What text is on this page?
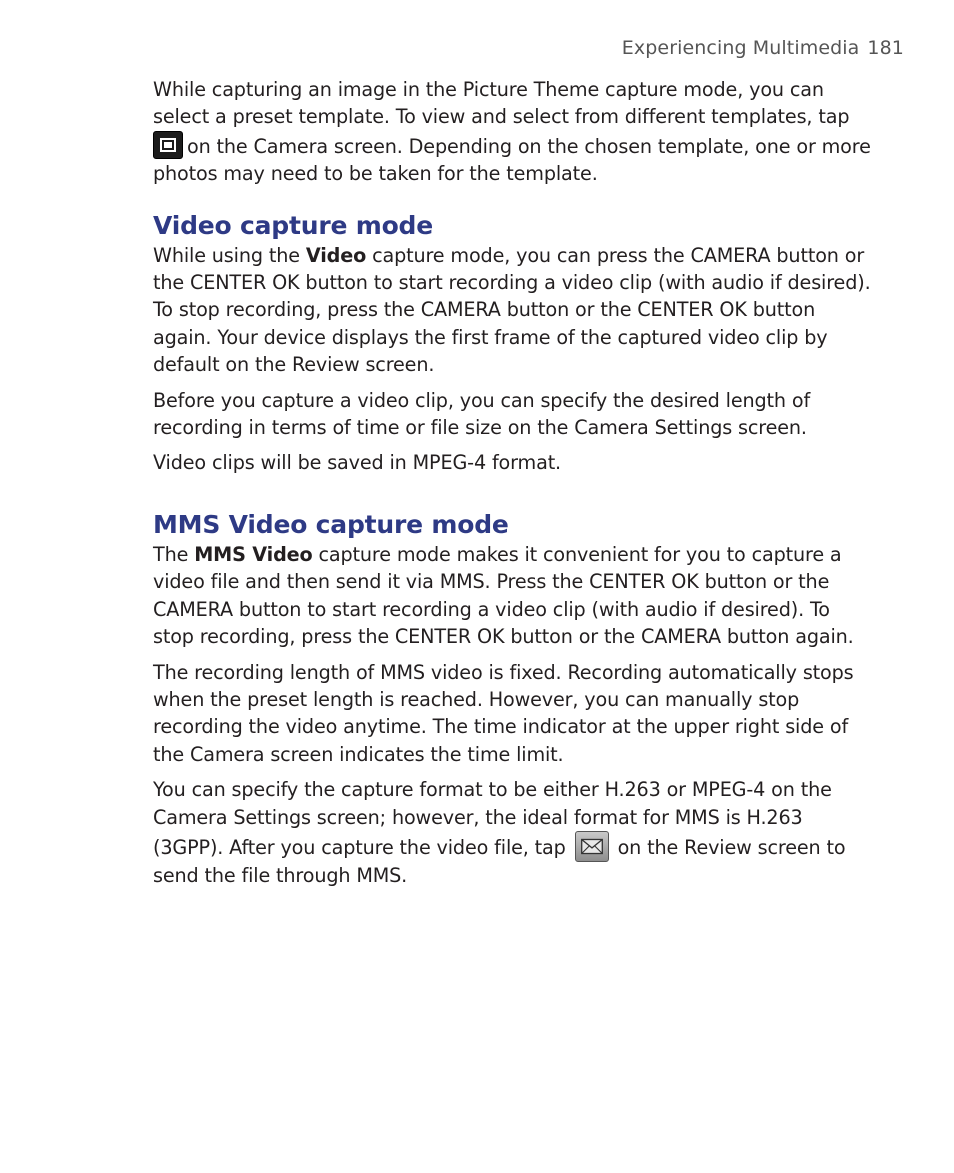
Experiencing Multimedia 181

While capturing an image in the Picture Theme capture mode, you can select a preset template. To view and select from different templates, tap on the Camera screen. Depending on the chosen template, one or more photos may need to be taken for the template.

Video capture mode

While using the Video capture mode, you can press the CAMERA button or the CENTER OK button to start recording a video clip (with audio if desired). To stop recording, press the CAMERA button or the CENTER OK button again. Your device displays the first frame of the captured video clip by default on the Review screen.

Before you capture a video clip, you can specify the desired length of recording in terms of time or file size on the Camera Settings screen.

Video clips will be saved in MPEG-4 format.

MMS Video capture mode

The MMS Video capture mode makes it convenient for you to capture a video file and then send it via MMS. Press the CENTER OK button or the CAMERA button to start recording a video clip (with audio if desired). To stop recording, press the CENTER OK button or the CAMERA button again.

The recording length of MMS video is fixed. Recording automatically stops when the preset length is reached. However, you can manually stop recording the video anytime. The time indicator at the upper right side of the Camera screen indicates the time limit.

You can specify the capture format to be either H.263 or MPEG-4 on the Camera Settings screen; however, the ideal format for MMS is H.263 (3GPP). After you capture the video file, tap	on the Review screen to send the file through MMS.
